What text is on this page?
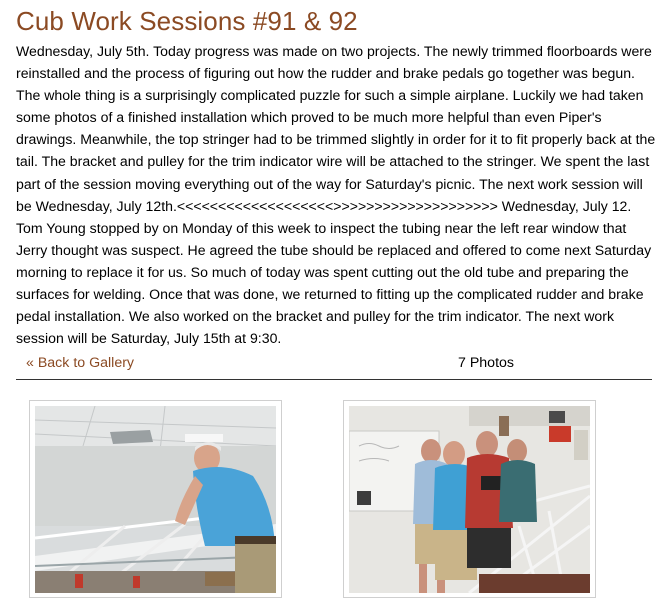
Cub Work Sessions #91 & 92

Wednesday, July 5th. Today progress was made on two projects. The newly trimmed floorboards were reinstalled and the process of figuring out how the rudder and brake pedals go together was begun. The whole thing is a surprisingly complicated puzzle for such a simple airplane. Luckily we had taken some photos of a finished installation which proved to be much more helpful than even Piper's drawings. Meanwhile, the top stringer had to be trimmed slightly in order for it to fit properly back at the tail. The bracket and pulley for the trim indicator wire will be attached to the stringer. We spent the last part of the session moving everything out of the way for Saturday's picnic. The next work session will be Wednesday, July 12th.<<<<<<<<<<<<<<<<<<<>>>>>>>>>>>>>>>>>>>> Wednesday, July 12. Tom Young stopped by on Monday of this week to inspect the tubing near the left rear window that Jerry thought was suspect. He agreed the tube should be replaced and offered to come next Saturday morning to replace it for us. So much of today was spent cutting out the old tube and preparing the surfaces for welding. Once that was done, we returned to fitting up the complicated rudder and brake pedal installation. We also worked on the bracket and pulley for the trim indicator. The next work session will be Saturday, July 15th at 9:30.

« Back to Gallery	7 Photos
